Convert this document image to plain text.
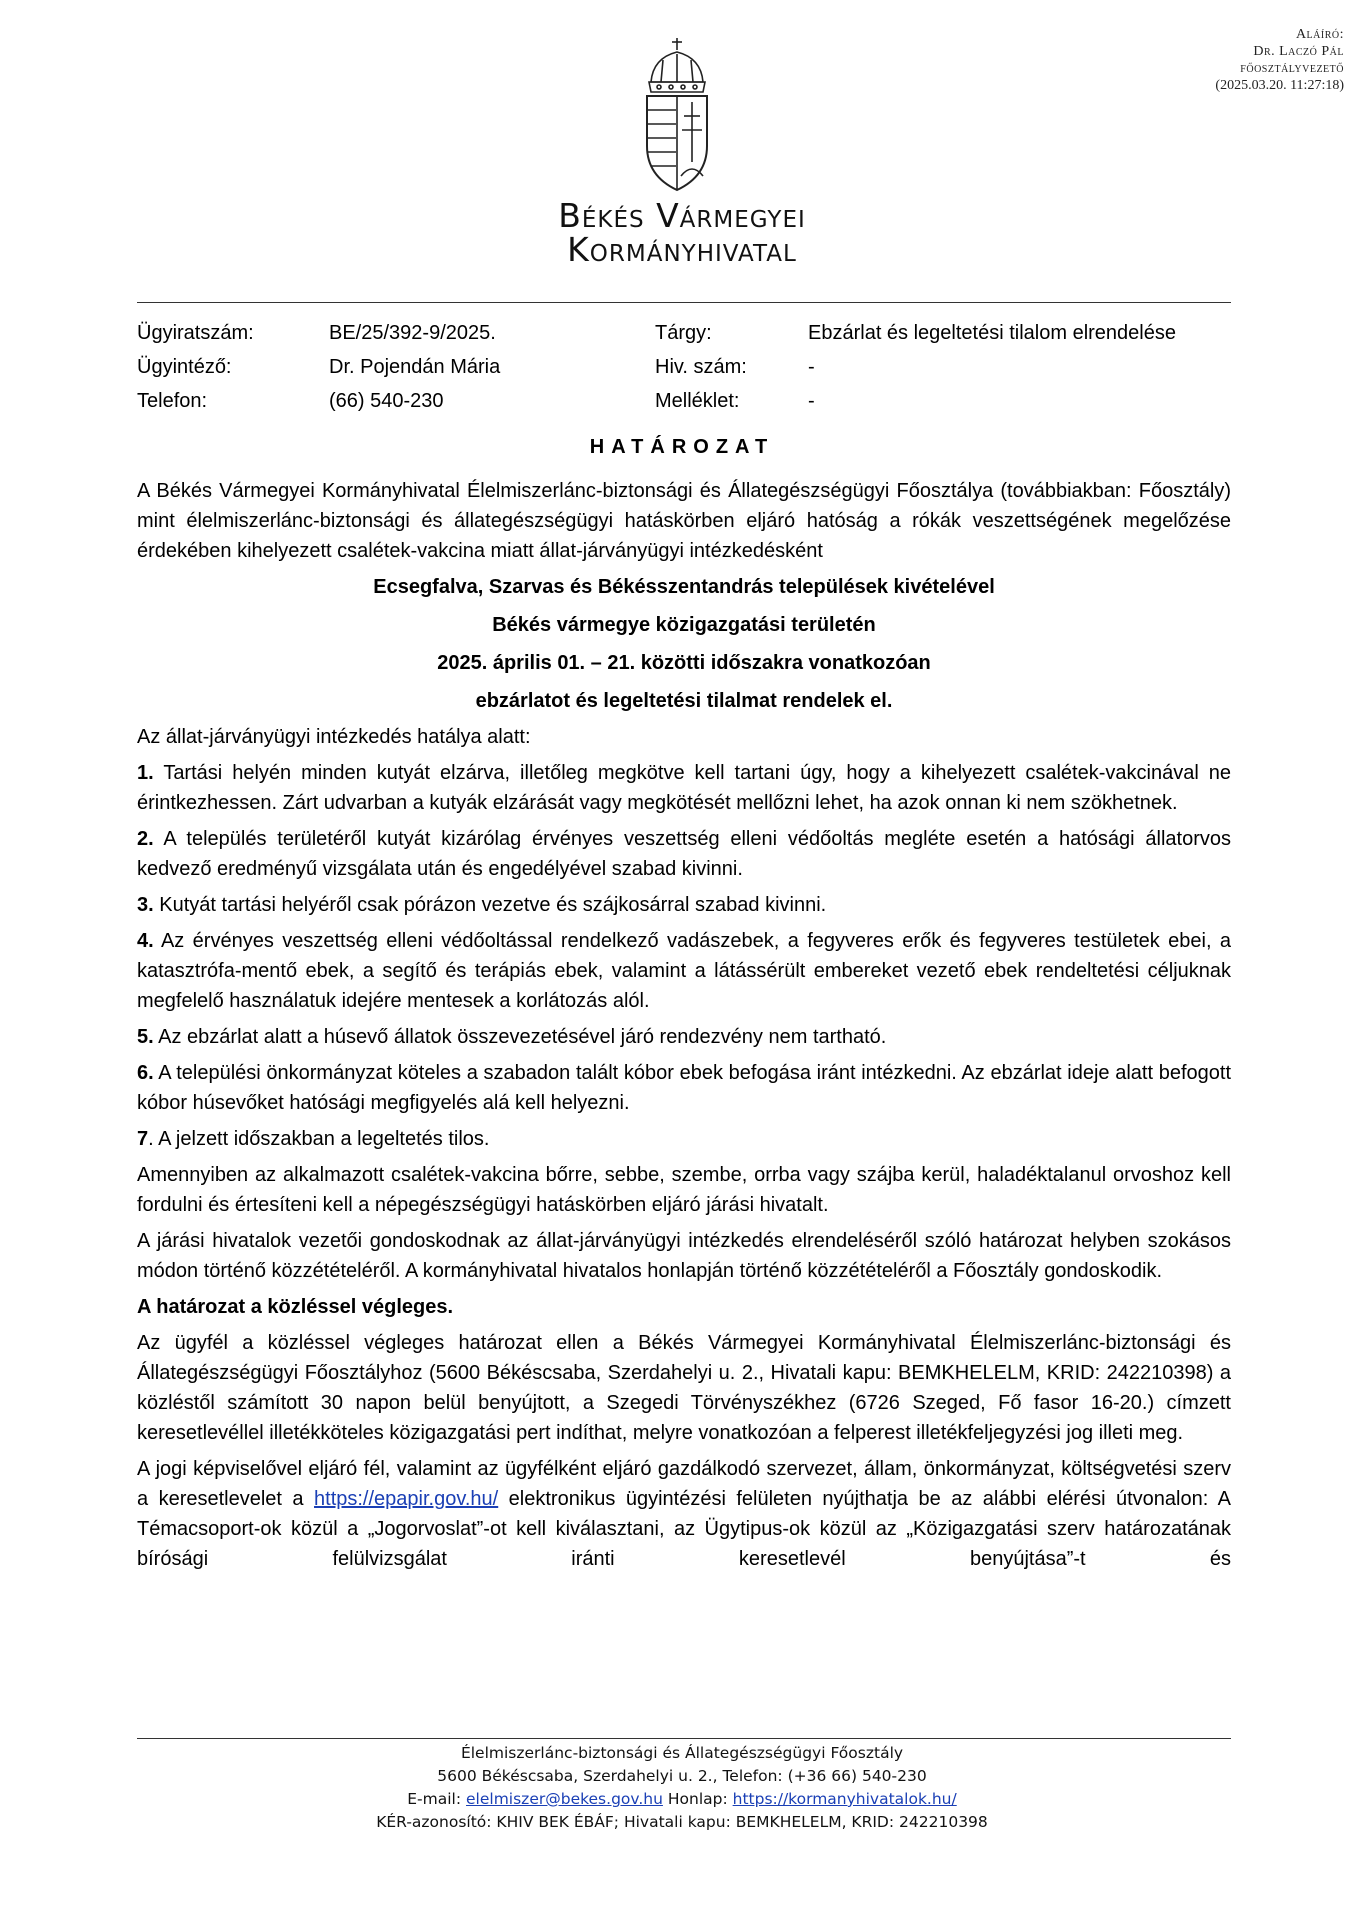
Aláíró:
Dr. Laczó Pál
főosztályvezető
(2025.03.20. 11:27:18)
Békés Vármegyei
Kormányhivatal
Ügyiratszám:
Ügyintéző:
Telefon:
BE/25/392-9/2025.
Dr. Pojendán Mária
(66) 540-230
Tárgy:
Hiv. szám:
Melléklet:
Ebzárlat és legeltetési tilalom elrendelése
-
-
HATÁROZAT

A Békés Vármegyei Kormányhivatal Élelmiszerlánc-biztonsági és Állategészségügyi Főosztálya (továbbiakban: Főosztály) mint élelmiszerlánc-biztonsági és állategészségügyi hatáskörben eljáró hatóság a rókák veszettségének megelőzése érdekében kihelyezett csalétek-vakcina miatt állat-járványügyi intézkedésként

Ecsegfalva, Szarvas és Békésszentandrás települések kivételével
Békés vármegye közigazgatási területén
2025. április 01. – 21. közötti időszakra vonatkozóan
ebzárlatot és legeltetési tilalmat rendelek el.

Az állat-járványügyi intézkedés hatálya alatt:

1. Tartási helyén minden kutyát elzárva, illetőleg megkötve kell tartani úgy, hogy a kihelyezett csalétek-vakcinával ne érintkezhessen. Zárt udvarban a kutyák elzárását vagy megkötését mellőzni lehet, ha azok onnan ki nem szökhetnek.

2. A település területéről kutyát kizárólag érvényes veszettség elleni védőoltás megléte esetén a hatósági állatorvos kedvező eredményű vizsgálata után és engedélyével szabad kivinni.

3. Kutyát tartási helyéről csak pórázon vezetve és szájkosárral szabad kivinni.

4. Az érvényes veszettség elleni védőoltással rendelkező vadászebek, a fegyveres erők és fegyveres testületek ebei, a katasztrófa-mentő ebek, a segítő és terápiás ebek, valamint a látássérült embereket vezető ebek rendeltetési céljuknak megfelelő használatuk idejére mentesek a korlátozás alól.

5. Az ebzárlat alatt a húsevő állatok összevezetésével járó rendezvény nem tartható.

6. A települési önkormányzat köteles a szabadon talált kóbor ebek befogása iránt intézkedni. Az ebzárlat ideje alatt befogott kóbor húsevőket hatósági megfigyelés alá kell helyezni.

7. A jelzett időszakban a legeltetés tilos.

Amennyiben az alkalmazott csalétek-vakcina bőrre, sebbe, szembe, orrba vagy szájba kerül, haladéktalanul orvoshoz kell fordulni és értesíteni kell a népegészségügyi hatáskörben eljáró járási hivatalt.

A járási hivatalok vezetői gondoskodnak az állat-járványügyi intézkedés elrendeléséről szóló határozat helyben szokásos módon történő közzétételéről. A kormányhivatal hivatalos honlapján történő közzétételéről a Főosztály gondoskodik.

A határozat a közléssel végleges.

Az ügyfél a közléssel végleges határozat ellen a Békés Vármegyei Kormányhivatal Élelmiszerlánc-biztonsági és Állategészségügyi Főosztályhoz (5600 Békéscsaba, Szerdahelyi u. 2., Hivatali kapu: BEMKHELELM, KRID: 242210398) a közléstől számított 30 napon belül benyújtott, a Szegedi Törvényszékhez (6726 Szeged, Fő fasor 16-20.) címzett keresetlevéllel illetékköteles közigazgatási pert indíthat, melyre vonatkozóan a felperest illetékfeljegyzési jog illeti meg.

A jogi képviselővel eljáró fél, valamint az ügyfélként eljáró gazdálkodó szervezet, állam, önkormányzat, költségvetési szerv a keresetlevelet a https://epapir.gov.hu/ elektronikus ügyintézési felületen nyújthatja be az alábbi elérési útvonalon: A Témacsoport-ok közül a „Jogorvoslat”-ot kell kiválasztani, az Ügytipus-ok közül az „Közigazgatási szerv határozatának bírósági felülvizsgálat iránti keresetlevél benyújtása”-t és

Élelmiszerlánc-biztonsági és Állategészségügyi Főosztály
5600 Békéscsaba, Szerdahelyi u. 2., Telefon: (+36 66) 540-230
E-mail: elelmiszer@bekes.gov.hu Honlap: https://kormanyhivatalok.hu/
KÉR-azonosító: KHIV BEK ÉBÁF; Hivatali kapu: BEMKHELELM, KRID: 242210398
